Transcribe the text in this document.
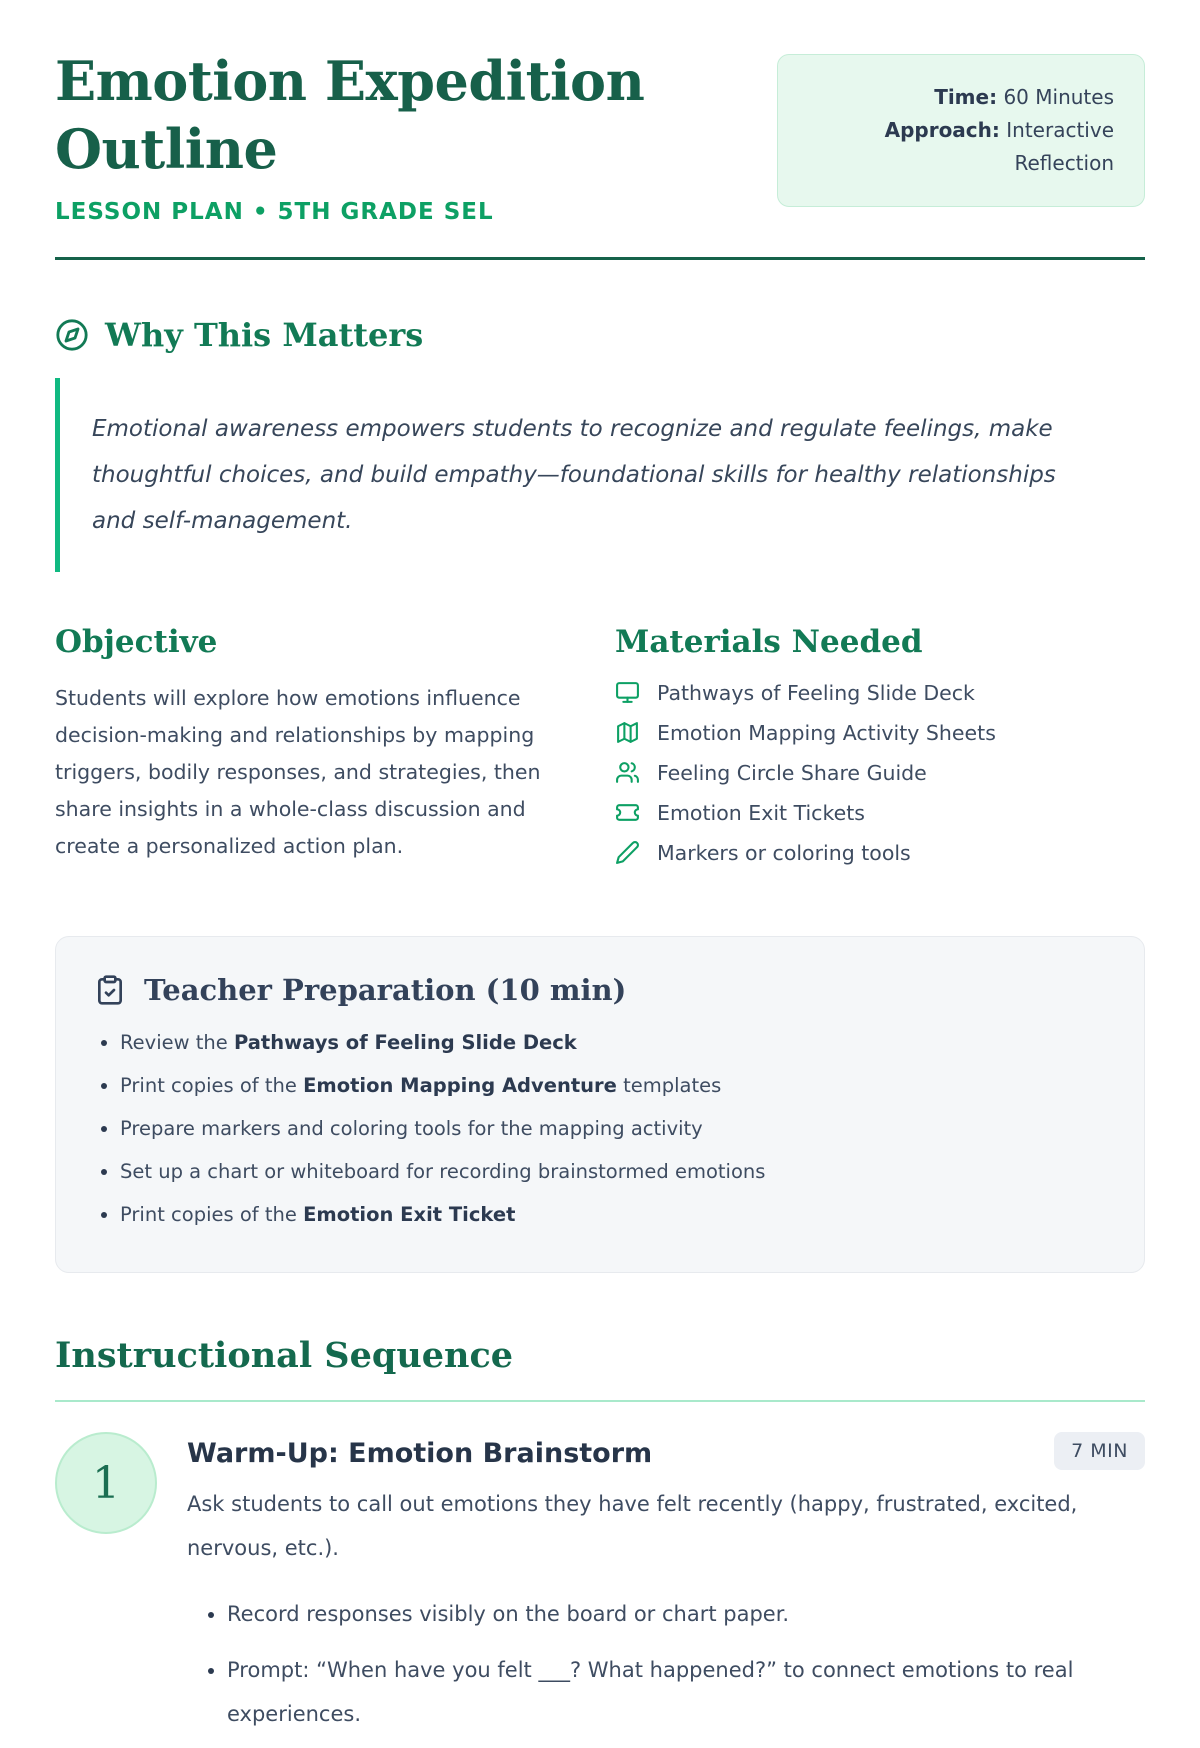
Emotion Expedition Outline
LESSON PLAN • 5TH GRADE SEL
Time: 60 Minutes
Approach: Interactive Reflection
Why This Matters

Emotional awareness empowers students to recognize and regulate feelings, make thoughtful choices, and build empathy—foundational skills for healthy relationships and self-management.

Objective

Students will explore how emotions influence decision-making and relationships by mapping triggers, bodily responses, and strategies, then share insights in a whole-class discussion and create a personalized action plan.

Materials Needed
Pathways of Feeling Slide Deck
Emotion Mapping Activity Sheets
Feeling Circle Share Guide
Emotion Exit Tickets
Markers or coloring tools
Teacher Preparation (10 min)
• Review the Pathways of Feeling Slide Deck
• Print copies of the Emotion Mapping Adventure templates
• Prepare markers and coloring tools for the mapping activity
• Set up a chart or whiteboard for recording brainstormed emotions
• Print copies of the Emotion Exit Ticket
Instructional Sequence
1
Warm-Up: Emotion Brainstorm	7 MIN

Ask students to call out emotions they have felt recently (happy, frustrated, excited, nervous, etc.).

• Record responses visibly on the board or chart paper.
• Prompt: “When have you felt ___? What happened?” to connect emotions to real experiences.
